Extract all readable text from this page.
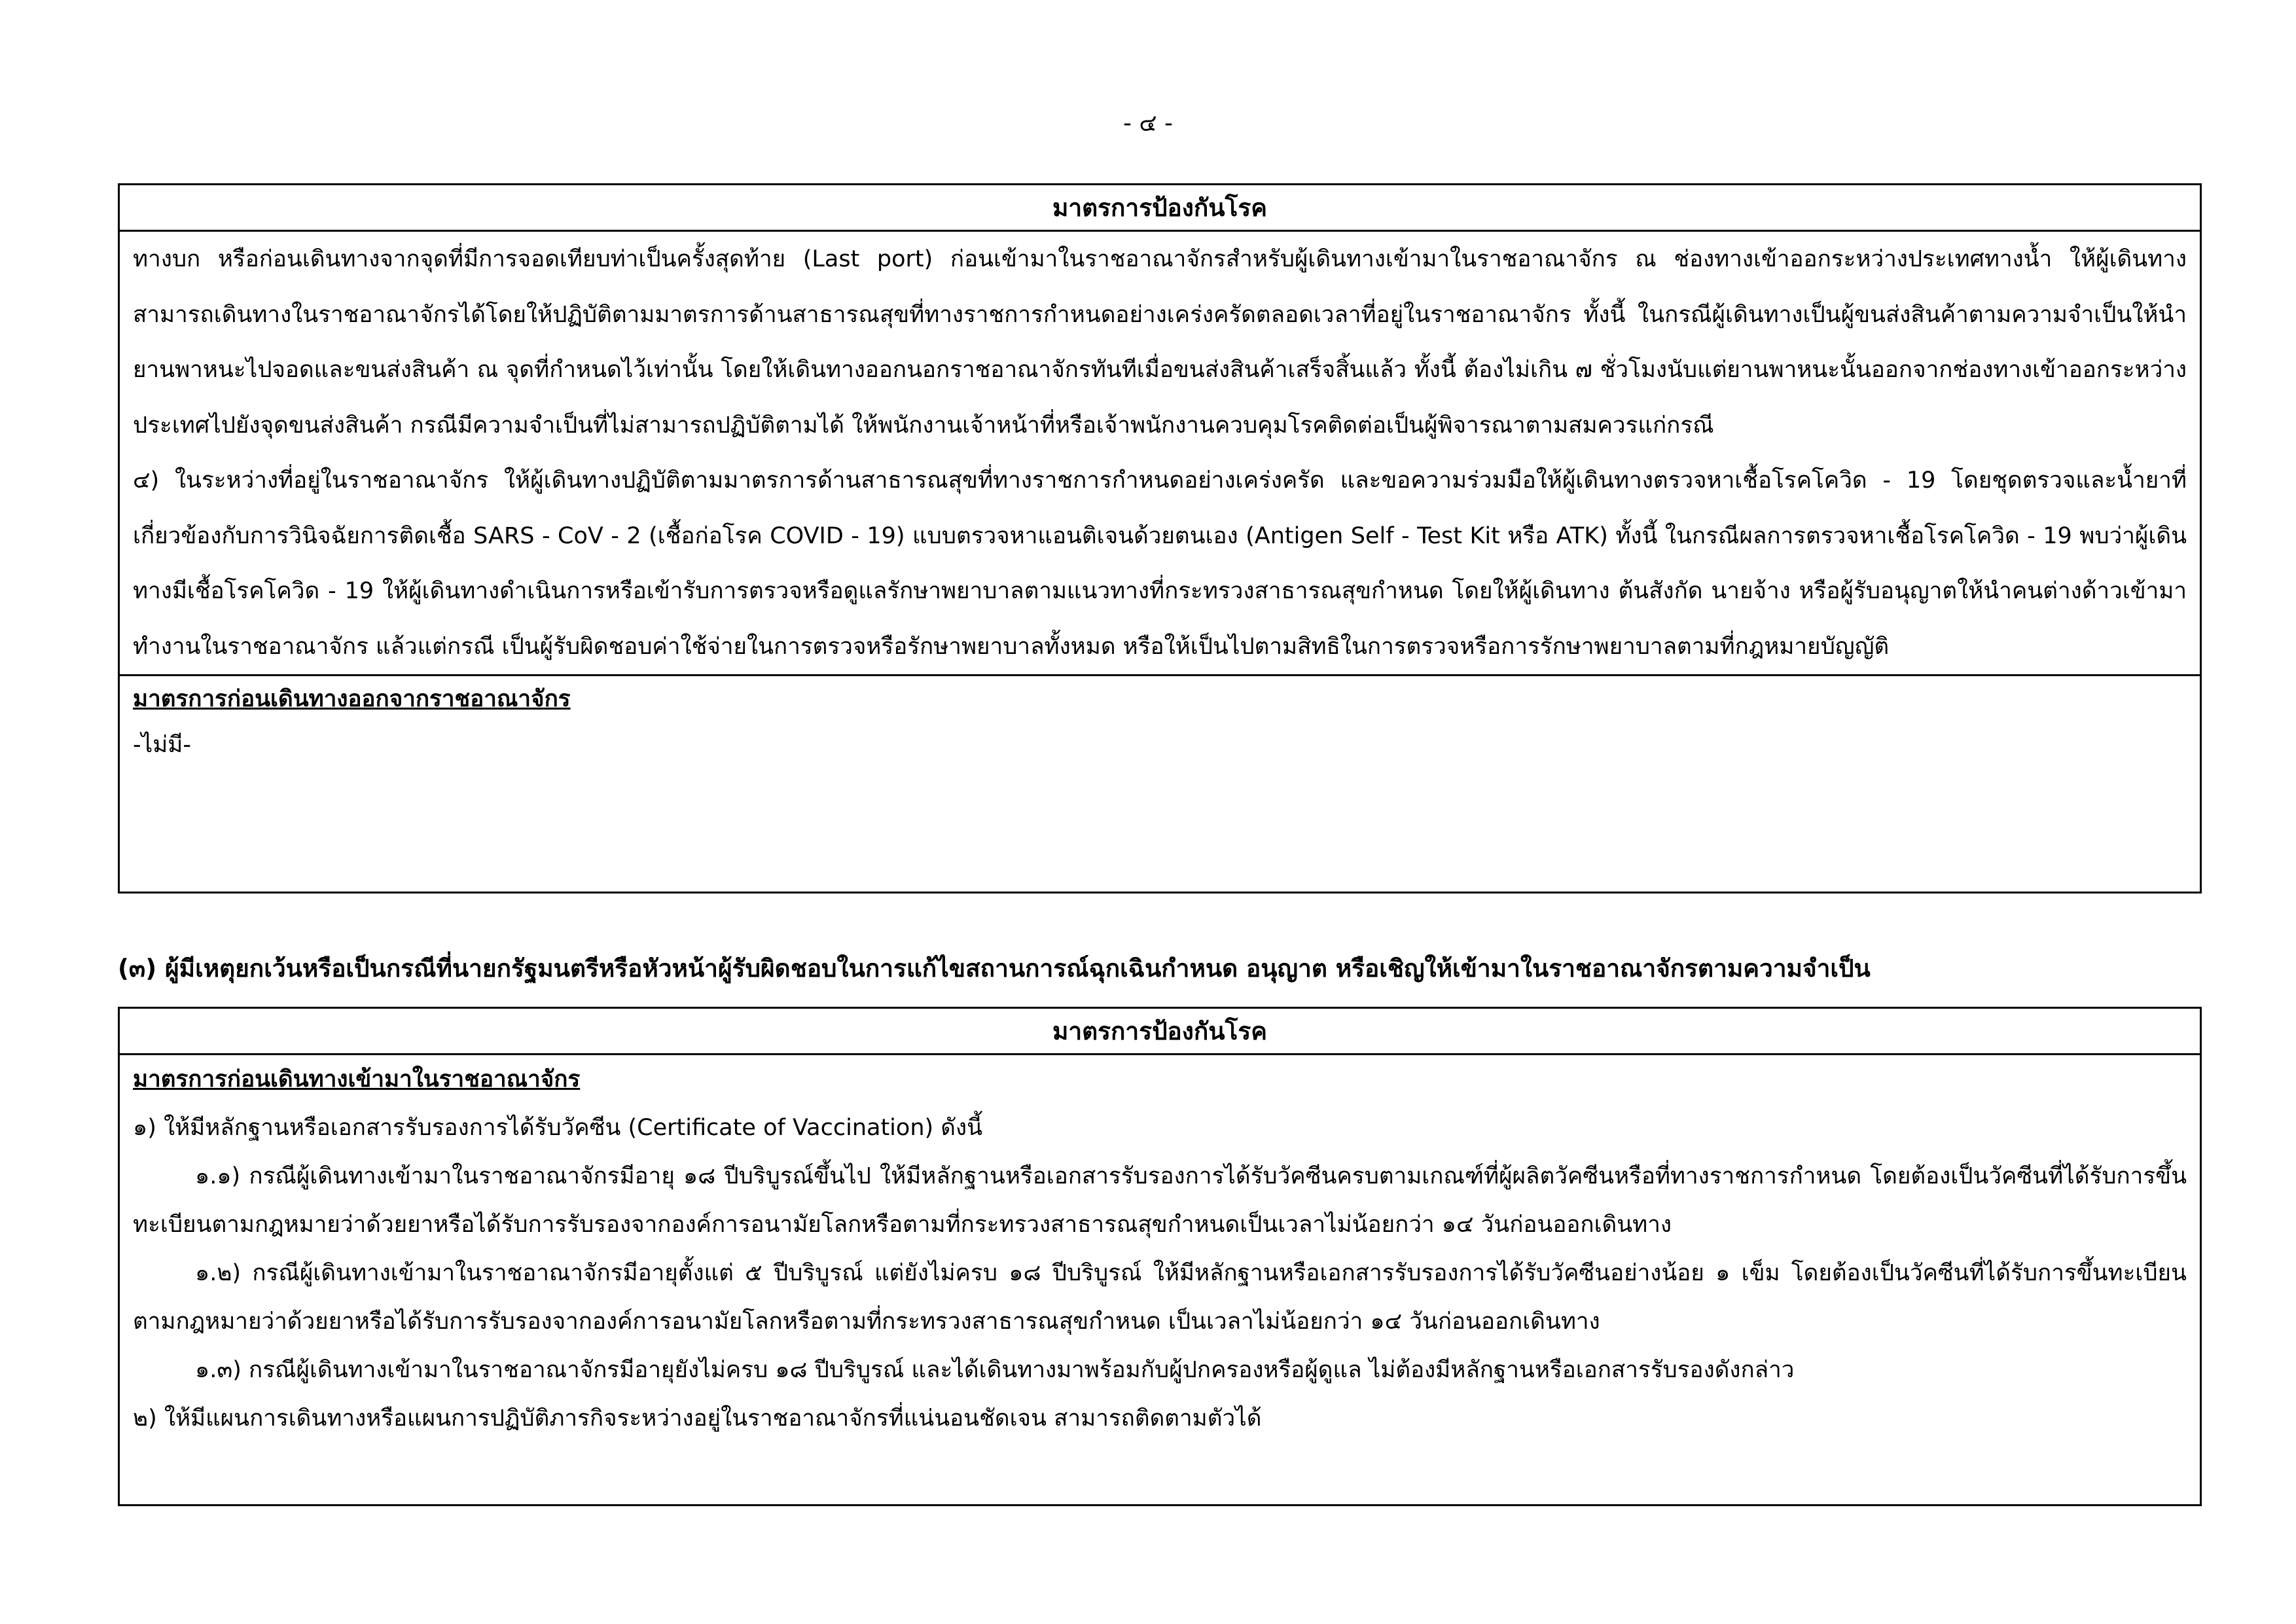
- ๔ -
มาตรการป้องกันโรค

ทางบก หรือก่อนเดินทางจากจุดที่มีการจอดเทียบท่าเป็นครั้งสุดท้าย (Last port) ก่อนเข้ามาในราชอาณาจักรสำหรับผู้เดินทางเข้ามาในราชอาณาจักร ณ ช่องทางเข้าออกระหว่างประเทศทางน้ำ ให้ผู้เดินทางสามารถเดินทางในราชอาณาจักรได้โดยให้ปฏิบัติตามมาตรการด้านสาธารณสุขที่ทางราชการกำหนดอย่างเคร่งครัดตลอดเวลาที่อยู่ในราชอาณาจักร ทั้งนี้ ในกรณีผู้เดินทางเป็นผู้ขนส่งสินค้าตามความจำเป็นให้นำยานพาหนะไปจอดและขนส่งสินค้า ณ จุดที่กำหนดไว้เท่านั้น โดยให้เดินทางออกนอกราชอาณาจักรทันทีเมื่อขนส่งสินค้าเสร็จสิ้นแล้ว ทั้งนี้ ต้องไม่เกิน ๗ ชั่วโมงนับแต่ยานพาหนะนั้นออกจากช่องทางเข้าออกระหว่างประเทศไปยังจุดขนส่งสินค้า กรณีมีความจำเป็นที่ไม่สามารถปฏิบัติตามได้ ให้พนักงานเจ้าหน้าที่หรือเจ้าพนักงานควบคุมโรคติดต่อเป็นผู้พิจารณาตามสมควรแก่กรณี

๔) ในระหว่างที่อยู่ในราชอาณาจักร ให้ผู้เดินทางปฏิบัติตามมาตรการด้านสาธารณสุขที่ทางราชการกำหนดอย่างเคร่งครัด และขอความร่วมมือให้ผู้เดินทางตรวจหาเชื้อโรคโควิด - 19 โดยชุดตรวจและน้ำยาที่เกี่ยวข้องกับการวินิจฉัยการติดเชื้อ SARS - CoV - 2 (เชื้อก่อโรค COVID - 19) แบบตรวจหาแอนติเจนด้วยตนเอง (Antigen Self - Test Kit หรือ ATK) ทั้งนี้ ในกรณีผลการตรวจหาเชื้อโรคโควิด - 19 พบว่าผู้เดินทางมีเชื้อโรคโควิด - 19 ให้ผู้เดินทางดำเนินการหรือเข้ารับการตรวจหรือดูแลรักษาพยาบาลตามแนวทางที่กระทรวงสาธารณสุขกำหนด โดยให้ผู้เดินทาง ต้นสังกัด นายจ้าง หรือผู้รับอนุญาตให้นำคนต่างด้าวเข้ามาทำงานในราชอาณาจักร แล้วแต่กรณี เป็นผู้รับผิดชอบค่าใช้จ่ายในการตรวจหรือรักษาพยาบาลทั้งหมด หรือให้เป็นไปตามสิทธิในการตรวจหรือการรักษาพยาบาลตามที่กฎหมายบัญญัติ

มาตรการก่อนเดินทางออกจากราชอาณาจักร
-ไม่มี-
(๓) ผู้มีเหตุยกเว้นหรือเป็นกรณีที่นายกรัฐมนตรีหรือหัวหน้าผู้รับผิดชอบในการแก้ไขสถานการณ์ฉุกเฉินกำหนด อนุญาต หรือเชิญให้เข้ามาในราชอาณาจักรตามความจำเป็น
มาตรการป้องกันโรค
มาตรการก่อนเดินทางเข้ามาในราชอาณาจักร

๑) ให้มีหลักฐานหรือเอกสารรับรองการได้รับวัคซีน (Certificate of Vaccination) ดังนี้

๑.๑) กรณีผู้เดินทางเข้ามาในราชอาณาจักรมีอายุ ๑๘ ปีบริบูรณ์ขึ้นไป ให้มีหลักฐานหรือเอกสารรับรองการได้รับวัคซีนครบตามเกณฑ์ที่ผู้ผลิตวัคซีนหรือที่ทางราชการกำหนด โดยต้องเป็นวัคซีนที่ได้รับการขึ้นทะเบียนตามกฎหมายว่าด้วยยาหรือได้รับการรับรองจากองค์การอนามัยโลกหรือตามที่กระทรวงสาธารณสุขกำหนดเป็นเวลาไม่น้อยกว่า ๑๔ วันก่อนออกเดินทาง

๑.๒) กรณีผู้เดินทางเข้ามาในราชอาณาจักรมีอายุตั้งแต่ ๕ ปีบริบูรณ์ แต่ยังไม่ครบ ๑๘ ปีบริบูรณ์ ให้มีหลักฐานหรือเอกสารรับรองการได้รับวัคซีนอย่างน้อย ๑ เข็ม โดยต้องเป็นวัคซีนที่ได้รับการขึ้นทะเบียนตามกฎหมายว่าด้วยยาหรือได้รับการรับรองจากองค์การอนามัยโลกหรือตามที่กระทรวงสาธารณสุขกำหนด เป็นเวลาไม่น้อยกว่า ๑๔ วันก่อนออกเดินทาง

๑.๓) กรณีผู้เดินทางเข้ามาในราชอาณาจักรมีอายุยังไม่ครบ ๑๘ ปีบริบูรณ์ และได้เดินทางมาพร้อมกับผู้ปกครองหรือผู้ดูแล ไม่ต้องมีหลักฐานหรือเอกสารรับรองดังกล่าว

๒) ให้มีแผนการเดินทางหรือแผนการปฏิบัติภารกิจระหว่างอยู่ในราชอาณาจักรที่แน่นอนชัดเจน สามารถติดตามตัวได้
